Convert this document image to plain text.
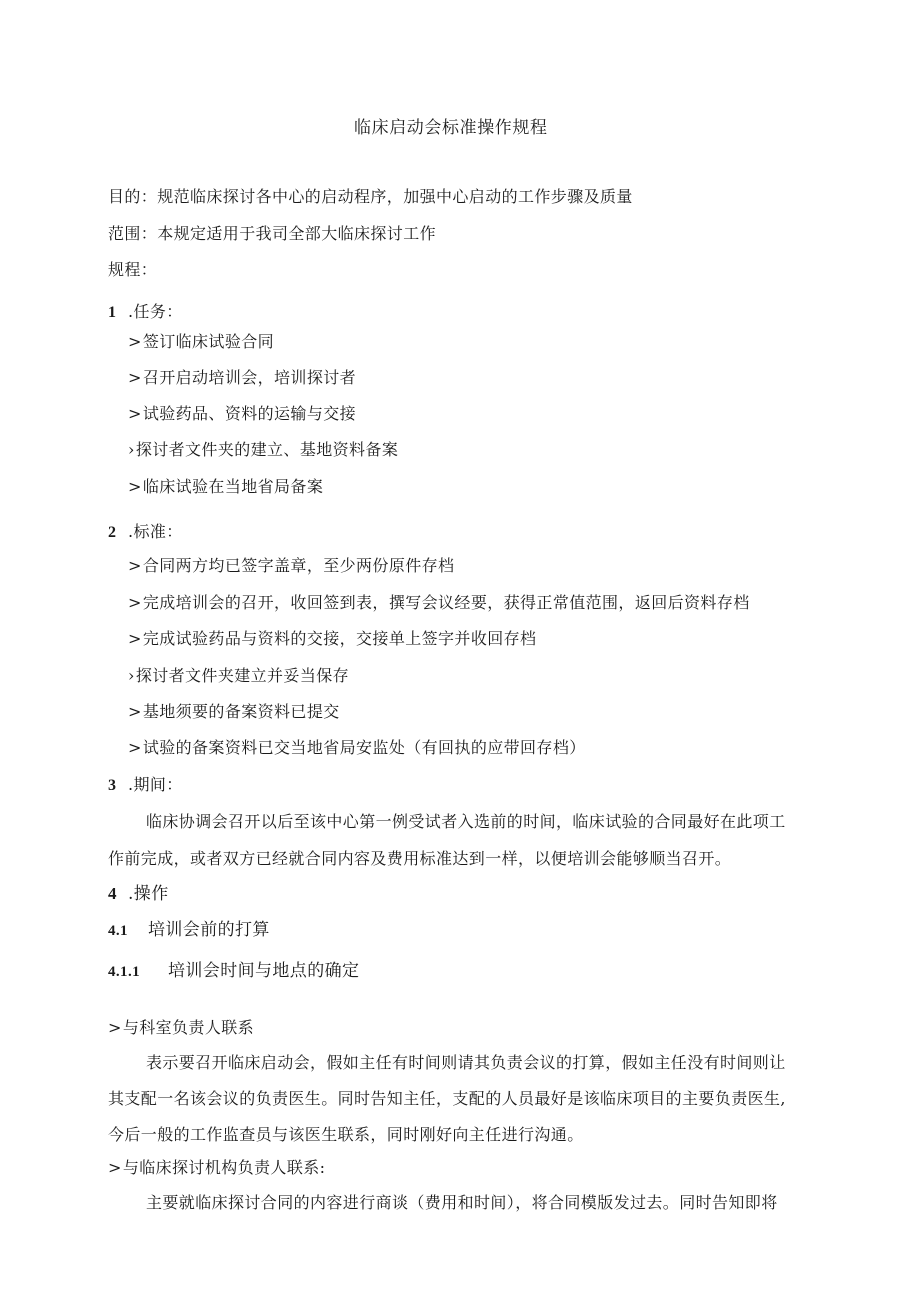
临床启动会标准操作规程
目的：规范临床探讨各中心的启动程序，加强中心启动的工作步骤及质量
范围：本规定适用于我司全部大临床探讨工作
规程：
1 .任务：
>签订临床试验合同
>召开启动培训会，培训探讨者
>试验药品、资料的运输与交接
›探讨者文件夹的建立、基地资料备案
>临床试验在当地省局备案
2 .标准：
>合同两方均已签字盖章，至少两份原件存档
>完成培训会的召开，收回签到表，撰写会议经要，获得正常值范围，返回后资料存档
>完成试验药品与资料的交接，交接单上签字并收回存档
›探讨者文件夹建立并妥当保存
>基地须要的备案资料已提交
>试验的备案资料已交当地省局安监处（有回执的应带回存档）
3 .期间：
临床协调会召开以后至该中心第一例受试者入选前的时间，临床试验的合同最好在此项工
作前完成，或者双方已经就合同内容及费用标准达到一样，以便培训会能够顺当召开。
4 .操作
4.1 培训会前的打算
4.1.1 培训会时间与地点的确定
>与科室负责人联系
表示要召开临床启动会，假如主任有时间则请其负责会议的打算，假如主任没有时间则让
其支配一名该会议的负责医生。同时告知主任，支配的人员最好是该临床项目的主要负责医生,
今后一般的工作监查员与该医生联系，同时刚好向主任进行沟通。
>与临床探讨机构负责人联系:
主要就临床探讨合同的内容进行商谈（费用和时间），将合同模版发过去。同时告知即将
